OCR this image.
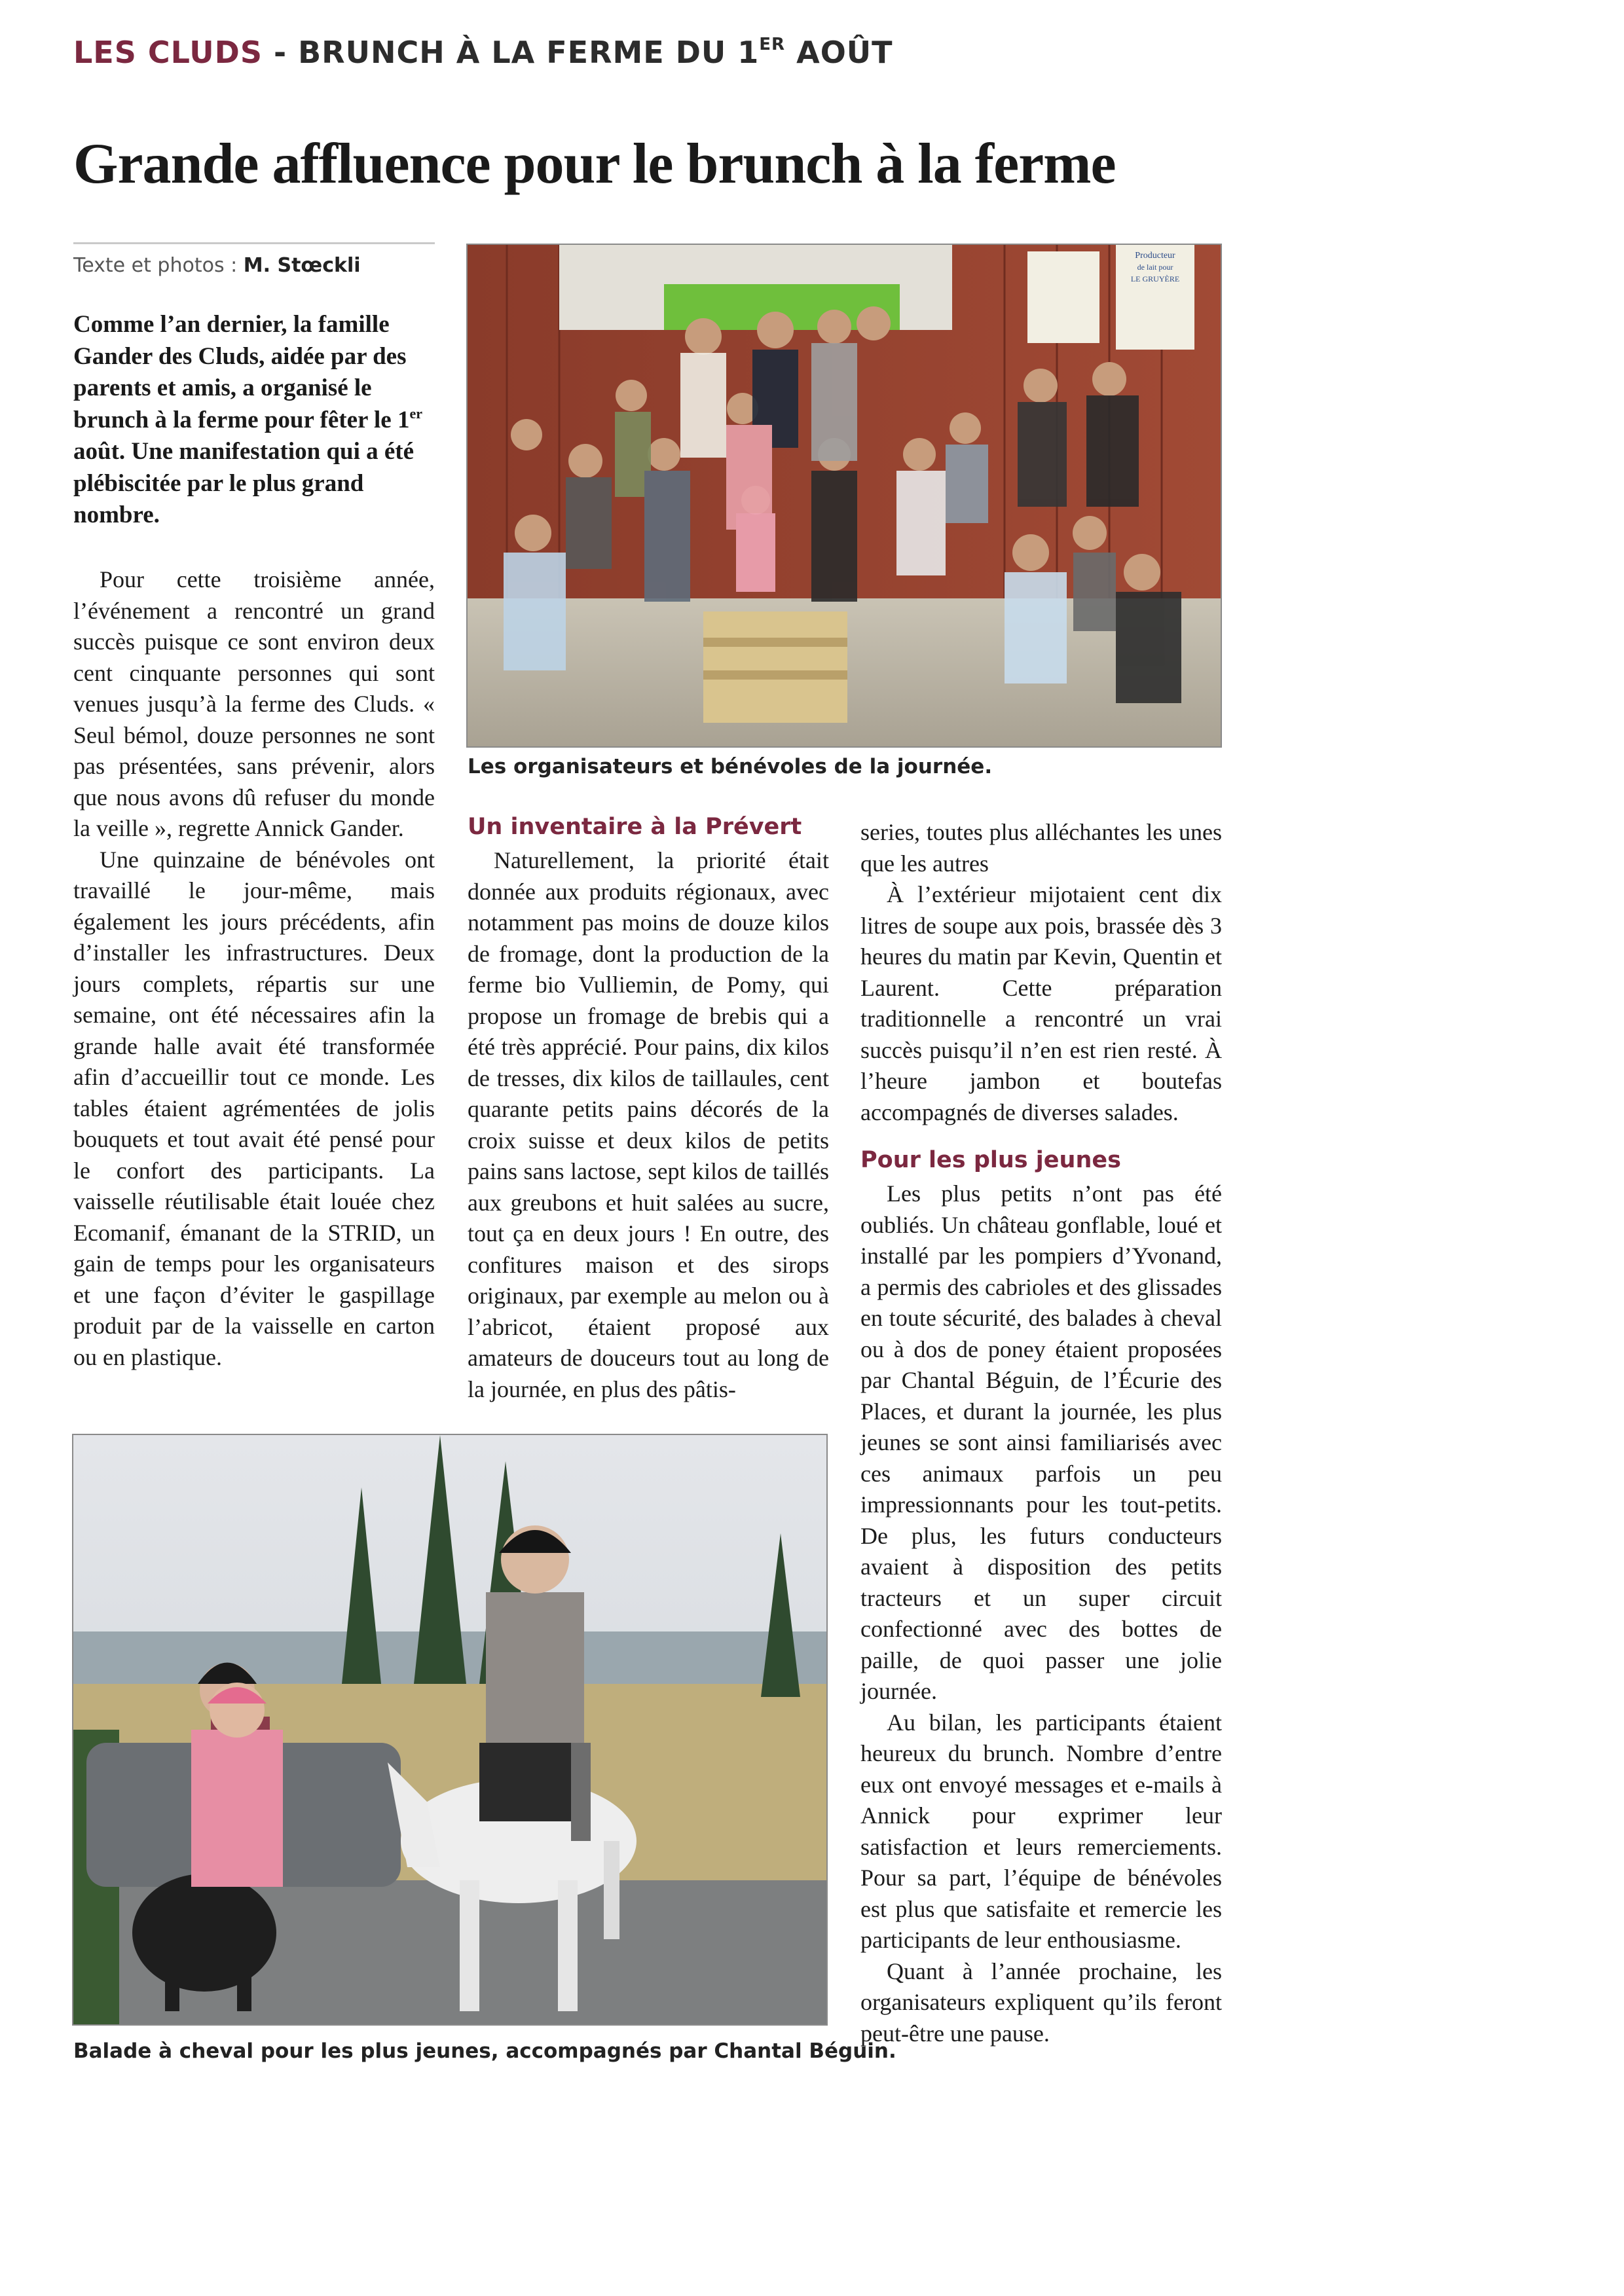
LES CLUDS - BRUNCH À LA FERME DU 1ER AOÛT
Grande affluence pour le brunch à la ferme

Texte et photos : M. Stœckli

Comme l’an dernier, la famille Gander des Cluds, aidée par des parents et amis, a organisé le brunch à la ferme pour fêter le 1er août. Une manifestation qui a été plébiscitée par le plus grand nombre.

Pour cette troisième année, l’événement a rencontré un grand succès puisque ce sont environ deux cent cinquante personnes qui sont venues jusqu’à la ferme des Cluds. « Seul bémol, douze personnes ne sont pas présentées, sans prévenir, alors que nous avons dû refuser du monde la veille », regrette Annick Gander.

Une quinzaine de bénévoles ont travaillé le jour-même, mais également les jours précédents, afin d’installer les infrastructures. Deux jours complets, répartis sur une semaine, ont été nécessaires afin la grande halle avait été transformée afin d’accueillir tout ce monde. Les tables étaient agrémentées de jolis bouquets et tout avait été pensé pour le confort des participants. La vaisselle réutilisable était louée chez Ecomanif, émanant de la STRID, un gain de temps pour les organisateurs et une façon d’éviter le gaspillage produit par de la vaisselle en carton ou en plastique.

Producteur
de lait pour
LE GRUYÈRE

Les organisateurs et bénévoles de la journée.

Un inventaire à la Prévert

Naturellement, la priorité était donnée aux produits régionaux, avec notamment pas moins de douze kilos de fromage, dont la production de la ferme bio Vulliemin, de Pomy, qui propose un fromage de brebis qui a été très apprécié. Pour pains, dix kilos de tresses, dix kilos de taillaules, cent quarante petits pains décorés de la croix suisse et deux kilos de petits pains sans lactose, sept kilos de taillés aux greubons et huit salées au sucre, tout ça en deux jours ! En outre, des confitures maison et des sirops originaux, par exemple au melon ou à l’abricot, étaient proposé aux amateurs de douceurs tout au long de la journée, en plus des pâtis-

series, toutes plus alléchantes les unes que les autres

À l’extérieur mijotaient cent dix litres de soupe aux pois, brassée dès 3 heures du matin par Kevin, Quentin et Laurent. Cette préparation traditionnelle a rencontré un vrai succès puisqu’il n’en est rien resté. À l’heure jambon et boutefas accompagnés de diverses salades.

Pour les plus jeunes

Les plus petits n’ont pas été oubliés. Un château gonflable, loué et installé par les pompiers d’Yvonand, a permis des cabrioles et des glissades en toute sécurité, des balades à cheval ou à dos de poney étaient proposées par Chantal Béguin, de l’Écurie des Places, et durant la journée, les plus jeunes se sont ainsi familiarisés avec ces animaux parfois un peu impressionnants pour les tout-petits. De plus, les futurs conducteurs avaient à disposition des petits tracteurs et un super circuit confectionné avec des bottes de paille, de quoi passer une jolie journée.

Au bilan, les participants étaient heureux du brunch. Nombre d’entre eux ont envoyé messages et e-mails à Annick pour exprimer leur satisfaction et leurs remerciements. Pour sa part, l’équipe de bénévoles est plus que satisfaite et remercie les participants de leur enthousiasme.

Quant à l’année prochaine, les organisateurs expliquent qu’ils feront peut-être une pause.

Balade à cheval pour les plus jeunes, accompagnés par Chantal Béguin.
